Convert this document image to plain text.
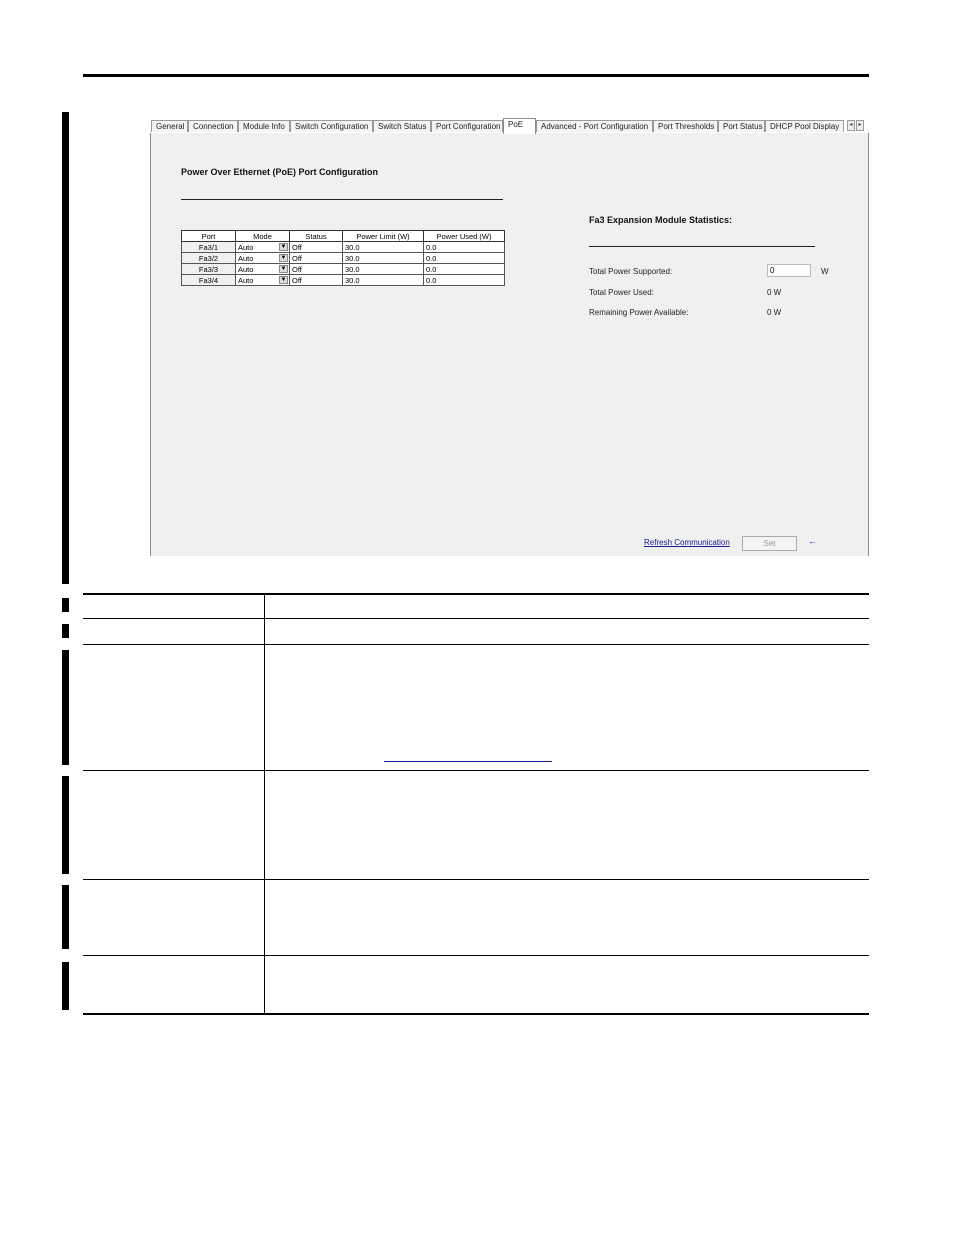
General	Connection	Module Info	Switch Configuration	Switch Status	Port Configuration PoE	Advanced - Port Configuration	Port Thresholds	Port Status DHCP Pool Display	◂ ▸
Power Over Ethernet (PoE) Port Configuration
Port	Mode	Status	Power Limit (W)	Power Used (W)
Fa3/1	Auto ▼	Off	30.0	0.0
Fa3/2	Auto ▼	Off	30.0	0.0
Fa3/3	Auto ▼	Off	30.0	0.0
Fa3/4	Auto ▼	Off	30.0	0.0
Fa3 Expansion Module Statistics:
Total Power Supported:	0	W
Total Power Used:	0 W
Remaining Power Available:	0 W
Refresh Communication	Set	←
